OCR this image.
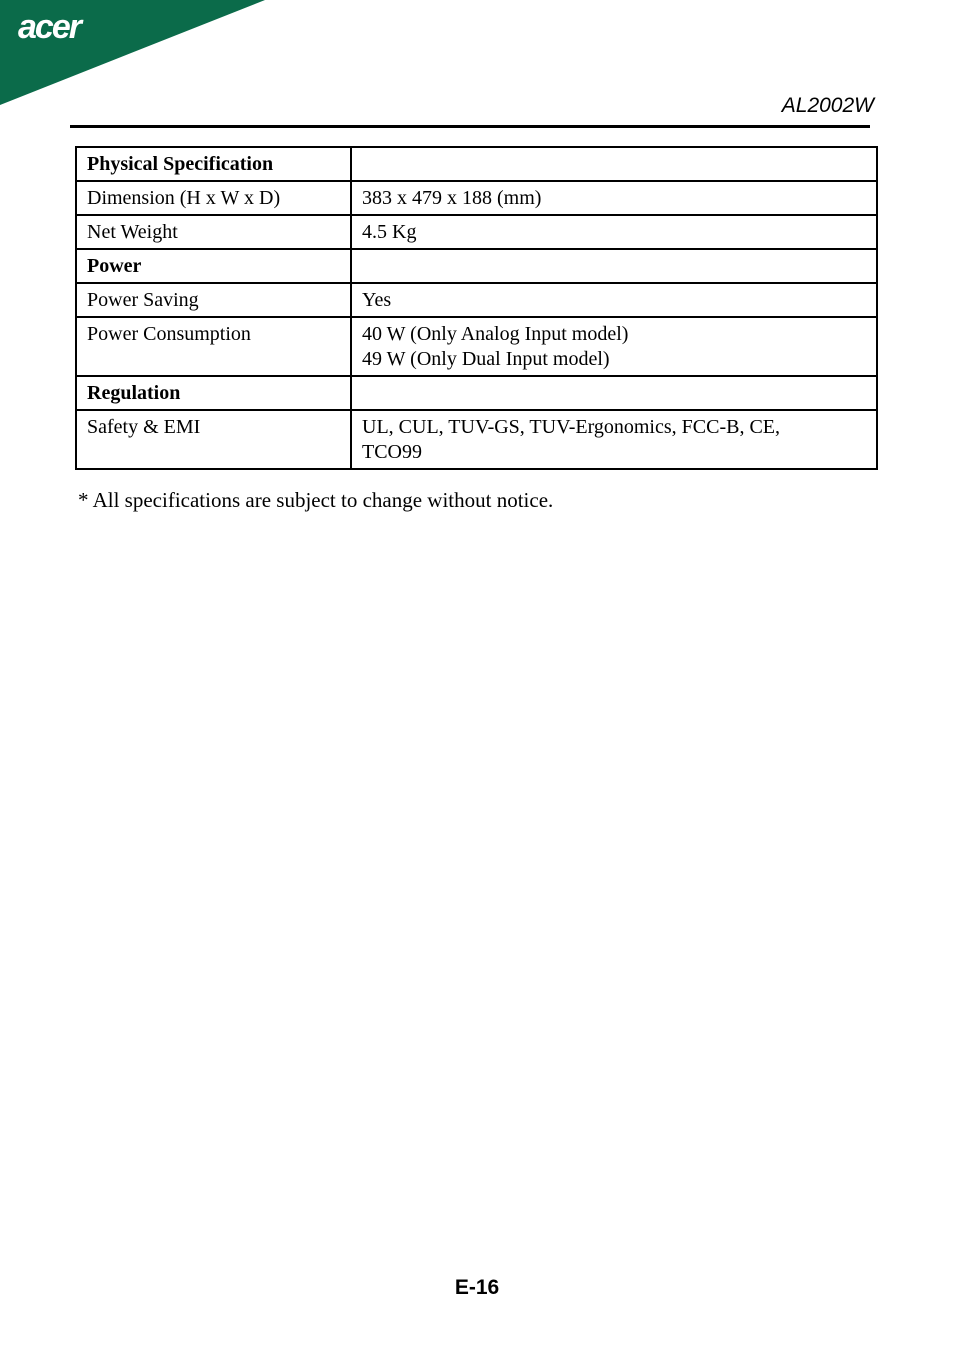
acer
AL2002W
Physical Specification	
Dimension (H x W x D)	383 x 479 x 188 (mm)

Net Weight	4.5 Kg

Power	
Power Saving	Yes

Power Consumption	40 W (Only Analog Input model)
49 W (Only Dual Input model)

Regulation	
Safety & EMI	UL, CUL, TUV-GS, TUV-Ergonomics, FCC-B, CE,
TCO99
* All specifications are subject to change without notice.
E-16
